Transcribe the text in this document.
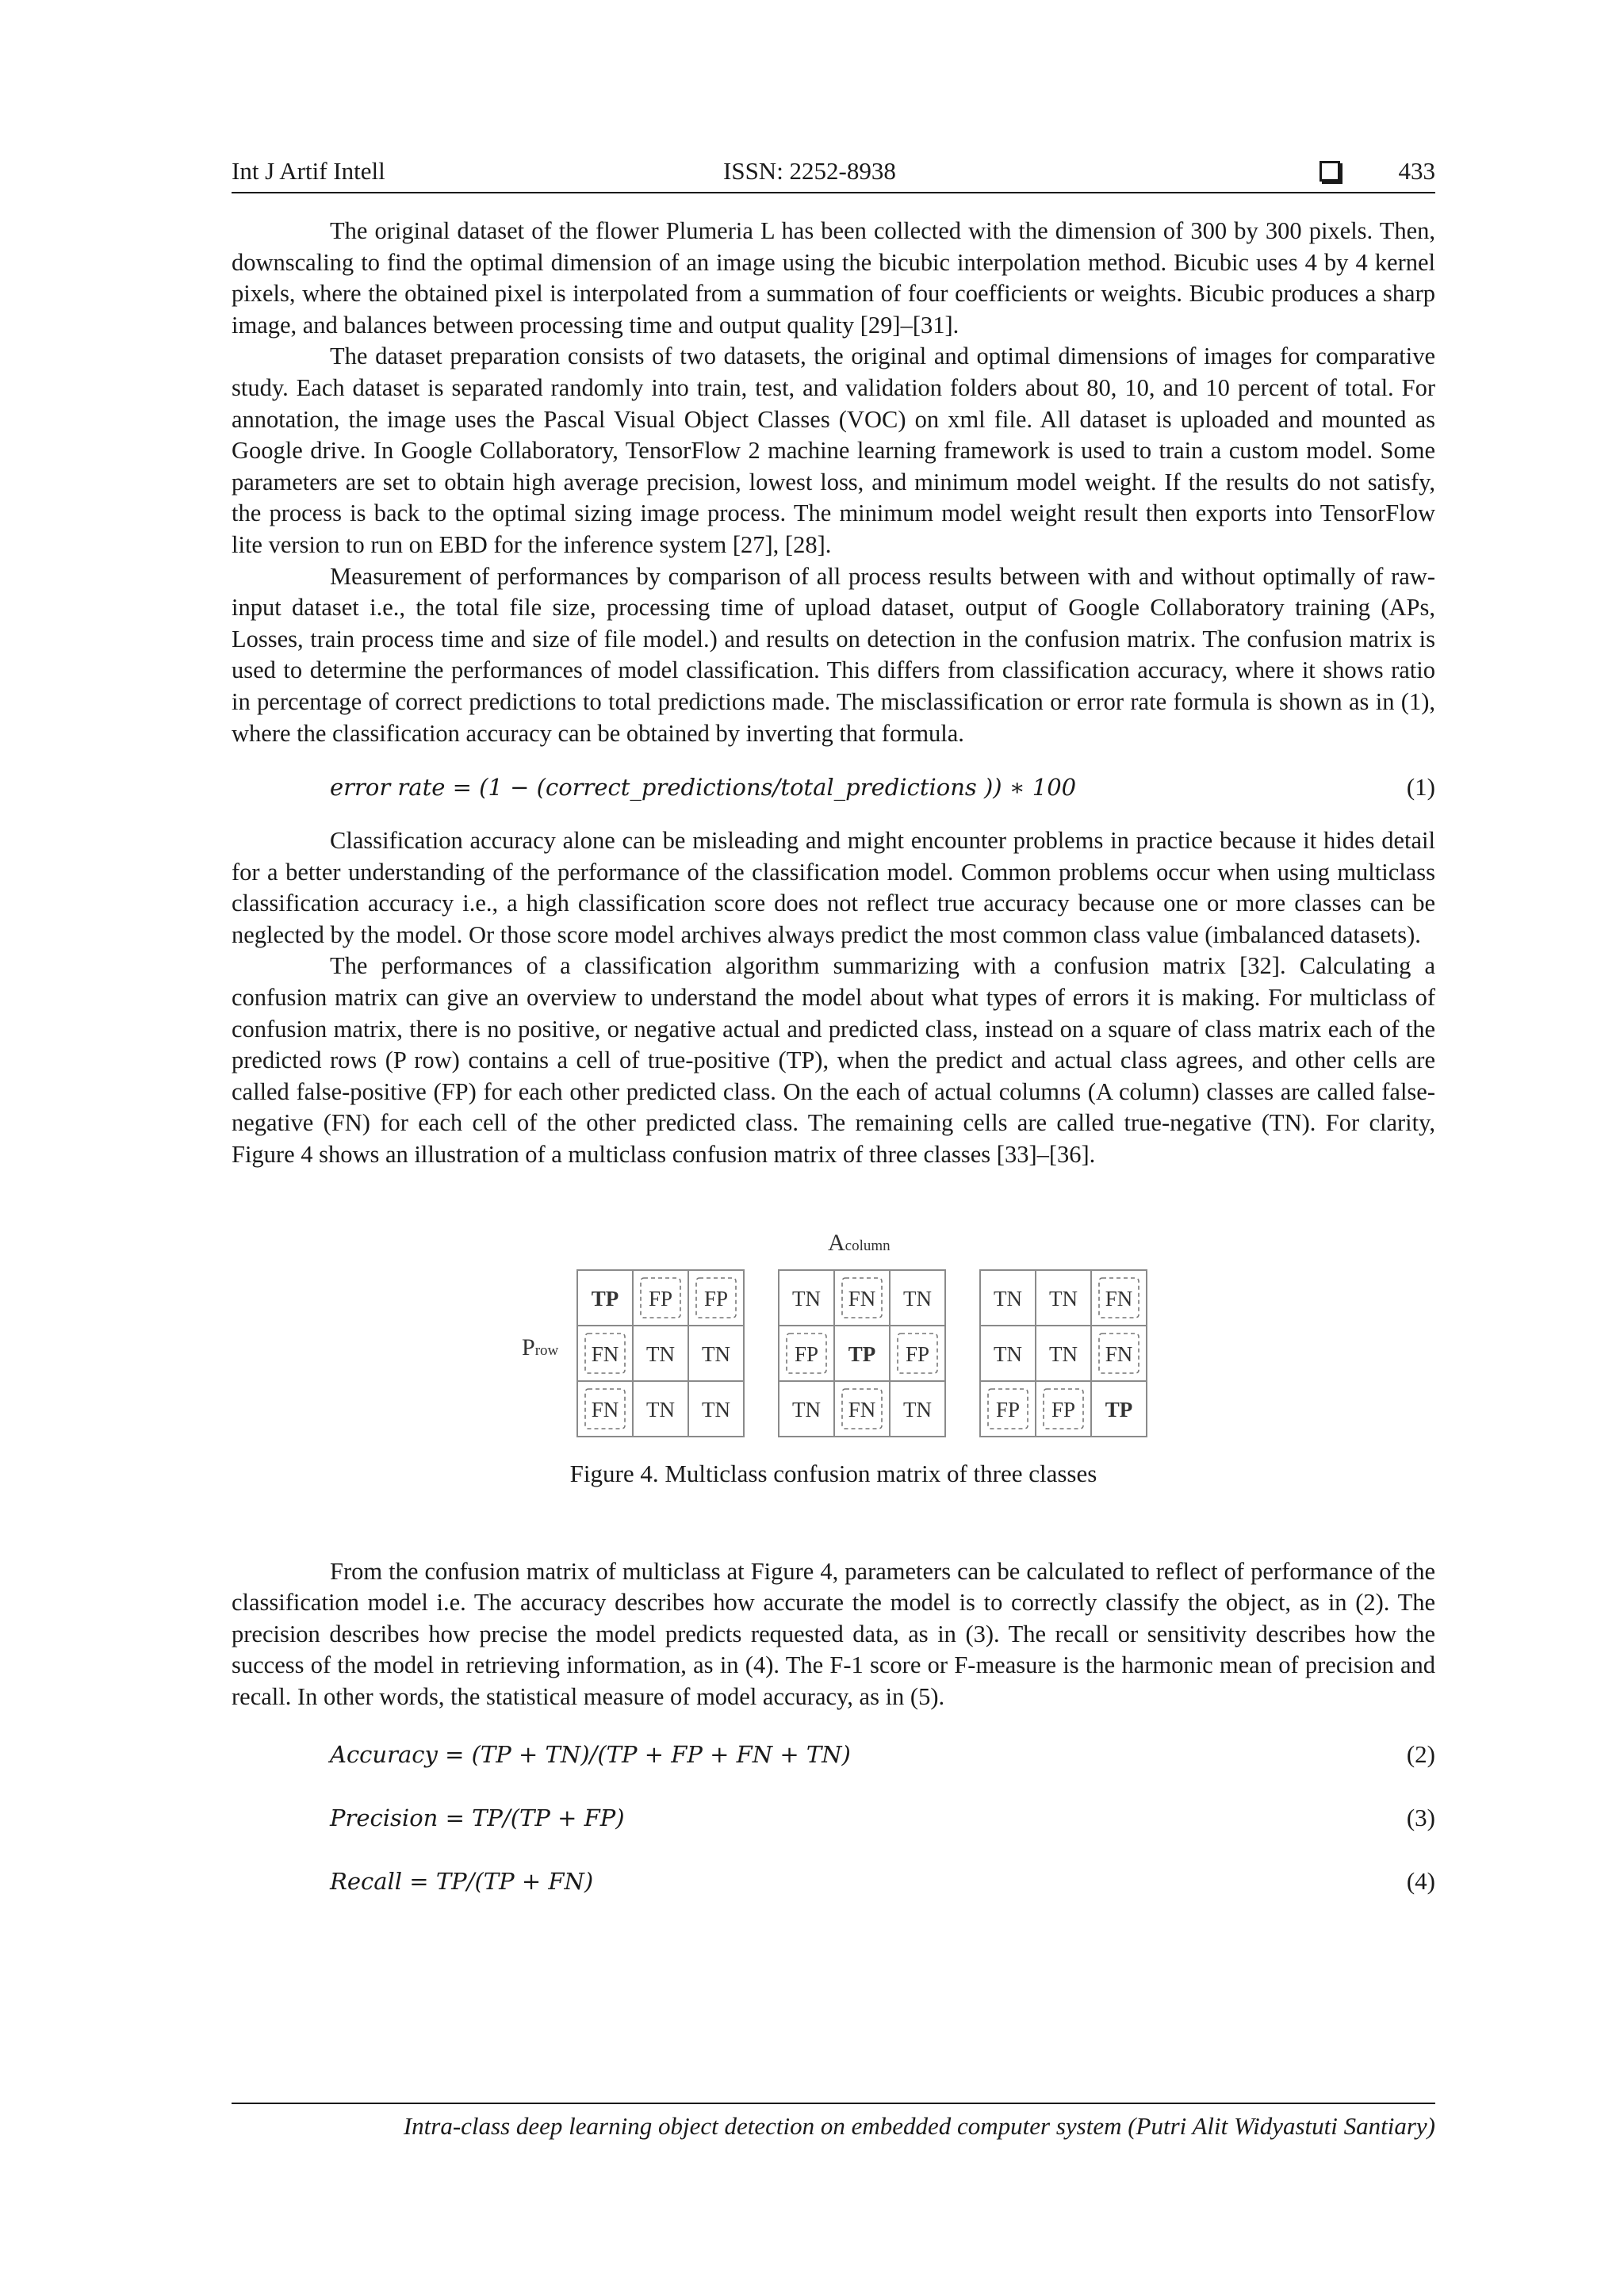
Int J Artif Intell	ISSN: 2252-8938	433

The original dataset of the flower Plumeria L has been collected with the dimension of 300 by 300 pixels. Then, downscaling to find the optimal dimension of an image using the bicubic interpolation method. Bicubic uses 4 by 4 kernel pixels, where the obtained pixel is interpolated from a summation of four coefficients or weights. Bicubic produces a sharp image, and balances between processing time and output quality [29]–[31].

The dataset preparation consists of two datasets, the original and optimal dimensions of images for comparative study. Each dataset is separated randomly into train, test, and validation folders about 80, 10, and 10 percent of total. For annotation, the image uses the Pascal Visual Object Classes (VOC) on xml file. All dataset is uploaded and mounted as Google drive. In Google Collaboratory, TensorFlow 2 machine learning framework is used to train a custom model. Some parameters are set to obtain high average precision, lowest loss, and minimum model weight. If the results do not satisfy, the process is back to the optimal sizing image process. The minimum model weight result then exports into TensorFlow lite version to run on EBD for the inference system [27], [28].

Measurement of performances by comparison of all process results between with and without optimally of raw-input dataset i.e., the total file size, processing time of upload dataset, output of Google Collaboratory training (APs, Losses, train process time and size of file model.) and results on detection in the confusion matrix. The confusion matrix is used to determine the performances of model classification. This differs from classification accuracy, where it shows ratio in percentage of correct predictions to total predictions made. The misclassification or error rate formula is shown as in (1), where the classification accuracy can be obtained by inverting that formula.

error rate = (1 − (correct_predictions/total_predictions )) ∗ 100	(1)

Classification accuracy alone can be misleading and might encounter problems in practice because it hides detail for a better understanding of the performance of the classification model. Common problems occur when using multiclass classification accuracy i.e., a high classification score does not reflect true accuracy because one or more classes can be neglected by the model. Or those score model archives always predict the most common class value (imbalanced datasets).

The performances of a classification algorithm summarizing with a confusion matrix [32]. Calculating a confusion matrix can give an overview to understand the model about what types of errors it is making. For multiclass of confusion matrix, there is no positive, or negative actual and predicted class, instead on a square of class matrix each of the predicted rows (P row) contains a cell of true-positive (TP), when the predict and actual class agrees, and other cells are called false-positive (FP) for each other predicted class. On the each of actual columns (A column) classes are called false-negative (FN) for each cell of the other predicted class. The remaining cells are called true-negative (TN). For clarity, Figure 4 shows an illustration of a multiclass confusion matrix of three classes [33]–[36].

Acolumn
Prow
TP FP FP
FN TN TN
FN TN TN
TN FN TN
FP TP FP
TN FN TN
TN TN FN
TN TN FN
FP FP TP
Figure 4. Multiclass confusion matrix of three classes

From the confusion matrix of multiclass at Figure 4, parameters can be calculated to reflect of performance of the classification model i.e. The accuracy describes how accurate the model is to correctly classify the object, as in (2). The precision describes how precise the model predicts requested data, as in (3). The recall or sensitivity describes how the success of the model in retrieving information, as in (4). The F-1 score or F-measure is the harmonic mean of precision and recall. In other words, the statistical measure of model accuracy, as in (5).

Accuracy = (TP + TN)/(TP + FP + FN + TN)	(2)
Precision = TP/(TP + FP)	(3)
Recall = TP/(TP + FN)	(4)
Intra-class deep learning object detection on embedded computer system (Putri Alit Widyastuti Santiary)
